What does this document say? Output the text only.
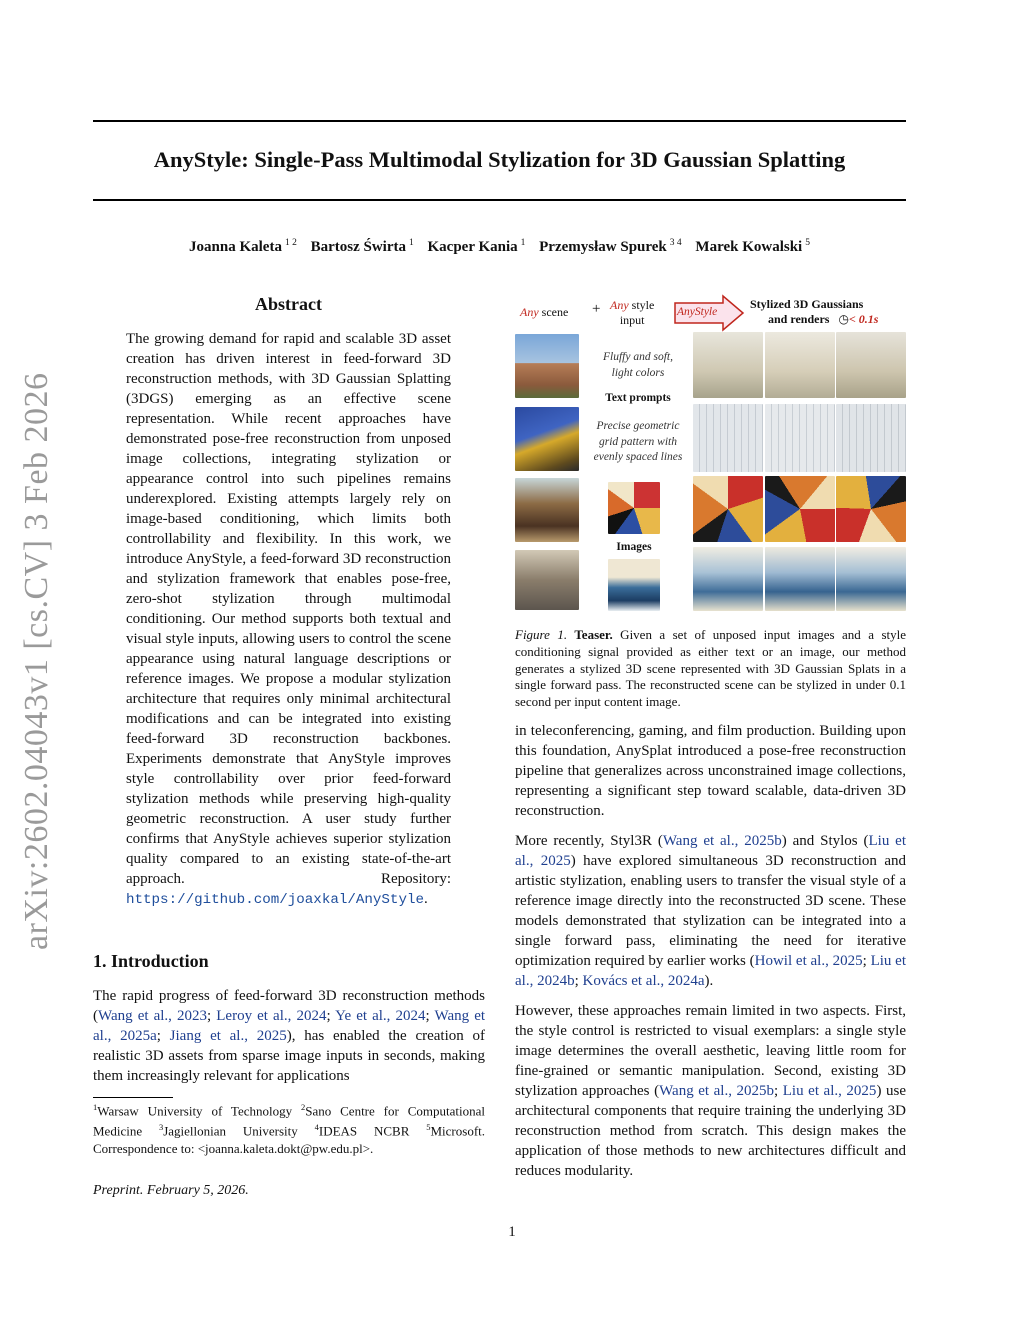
arXiv:2602.04043v1 [cs.CV] 3 Feb 2026
AnyStyle: Single-Pass Multimodal Stylization for 3D Gaussian Splatting
Joanna Kaleta $^{1 2}$ Bartosz Świrta $^1$ Kacper Kania $^1$ Przemysław Spurek $^{3 4}$ Marek Kowalski $^5$
Abstract

The growing demand for rapid and scalable 3D asset creation has driven interest in feed-forward 3D reconstruction methods, with 3D Gaussian Splatting (3DGS) emerging as an effective scene representation. While recent approaches have demonstrated pose-free reconstruction from unposed image collections, integrating stylization or appearance control into such pipelines remains underexplored. Existing attempts largely rely on image-based conditioning, which limits both controllability and flexibility. In this work, we introduce AnyStyle, a feed-forward 3D reconstruction and stylization framework that enables pose-free, zero-shot stylization through multimodal conditioning. Our method supports both textual and visual style inputs, allowing users to control the scene appearance using natural language descriptions or reference images. We propose a modular stylization architecture that requires only minimal architectural modifications and can be integrated into existing feed-forward 3D reconstruction backbones. Experiments demonstrate that AnyStyle improves style controllability over prior feed-forward stylization methods while preserving high-quality geometric reconstruction. A user study further confirms that AnyStyle achieves superior stylization quality compared to an existing state-of-the-art approach. Repository: https://github.com/joaxkal/AnyStyle.

1. Introduction

The rapid progress of feed-forward 3D reconstruction methods (Wang et al., 2023; Leroy et al., 2024; Ye et al., 2024; Wang et al., 2025a; Jiang et al., 2025), has enabled the creation of realistic 3D assets from sparse image inputs in seconds, making them increasingly relevant for applications

$^1$Warsaw University of Technology $^2$Sano Centre for Computational Medicine $^3$Jagiellonian University $^4$IDEAS NCBR $^5$Microsoft. Correspondence to: <joanna.kaleta.dokt@pw.edu.pl>.
Preprint. February 5, 2026.
1
Any scene + Any style
input
AnyStyle
Stylized 3D Gaussians
and renders ◷< 0.1s
Fluffy and soft,
light colors
Text prompts
Precise geometric
grid pattern with
evenly spaced lines
Images
Figure 1. Teaser. Given a set of unposed input images and a style conditioning signal provided as either text or an image, our method generates a stylized 3D scene represented with 3D Gaussian Splats in a single forward pass. The reconstructed scene can be stylized in under 0.1 second per input content image.

in teleconferencing, gaming, and film production. Building upon this foundation, AnySplat introduced a pose-free reconstruction pipeline that generalizes across unconstrained image collections, representing a significant step toward scalable, data-driven 3D reconstruction.

More recently, Styl3R (Wang et al., 2025b) and Stylos (Liu et al., 2025) have explored simultaneous 3D reconstruction and artistic stylization, enabling users to transfer the visual style of a reference image directly into the reconstructed 3D scene. These models demonstrated that stylization can be integrated into a single forward pass, eliminating the need for iterative optimization required by earlier works (Howil et al., 2025; Liu et al., 2024b; Kovács et al., 2024a).

However, these approaches remain limited in two aspects. First, the style control is restricted to visual exemplars: a single style image determines the overall aesthetic, leaving little room for fine-grained or semantic manipulation. Second, existing 3D stylization approaches (Wang et al., 2025b; Liu et al., 2025) use architectural components that require training the underlying 3D reconstruction method from scratch. This design makes the application of those methods to new architectures difficult and reduces modularity.
